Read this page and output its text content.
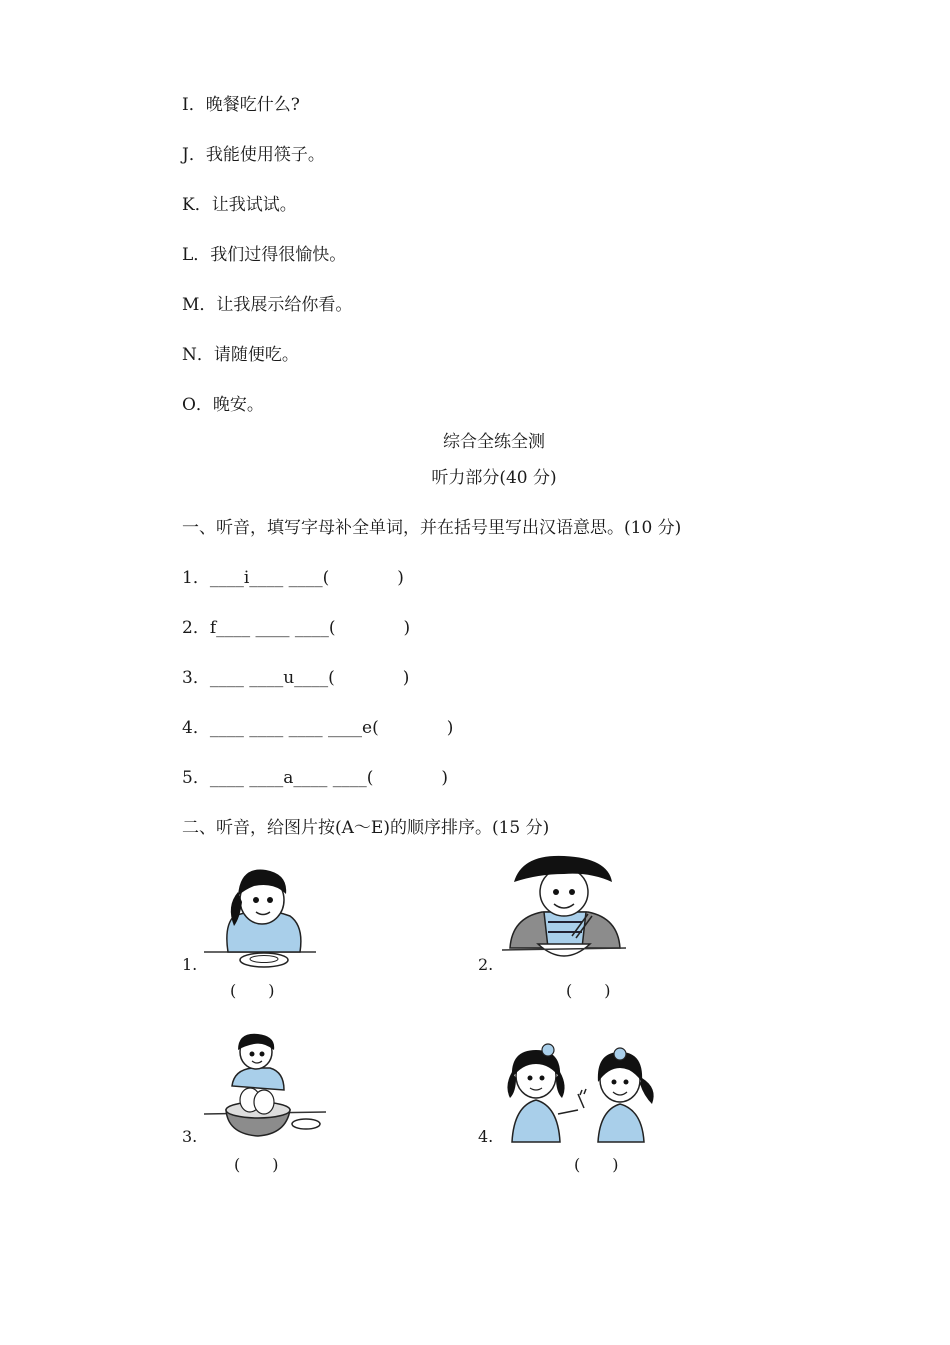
I．晚餐吃什么?
J．我能使用筷子。
K．让我试试。
L．我们过得很愉快。
M．让我展示给你看。
N．请随便吃。
O．晚安。
综合全练全测
听力部分(40 分)
一、听音，填写字母补全单词，并在括号里写出汉语意思。(10 分)
1．____i____ ____(　　　　)
2．f____ ____ ____(　　　　)
3．____ ____u____(　　　　)
4．____ ____ ____ ____e(　　　　)
5．____ ____a____ ____(　　　　)
二、听音，给图片按(A～E)的顺序排序。(15 分)
1.
(　　)
2.
(　　)
3.
(　　)
4.
(　　)
